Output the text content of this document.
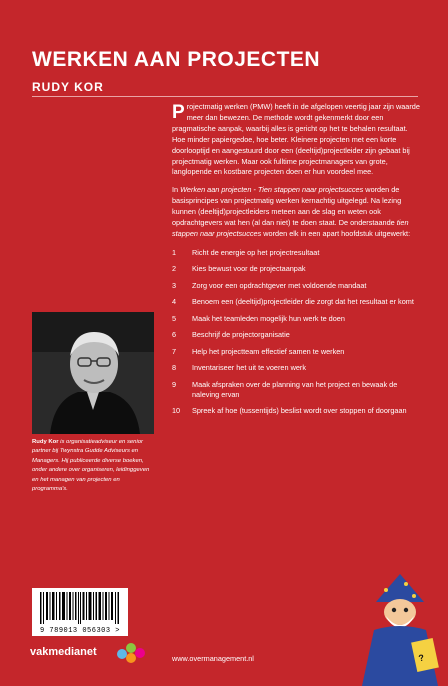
WERKEN AAN PROJECTEN
RUDY KOR

Projectmatig werken (PMW) heeft in de afgelopen veertig jaar zijn waarde meer dan bewezen. De methode wordt gekenmerkt door een pragmatische aanpak, waarbij alles is gericht op het te behalen resultaat. Hoe minder papiergedoe, hoe beter. Kleinere projecten met een korte doorlooptijd en aangestuurd door een (deeltijd)projectleider zijn gebaat bij projectmatig werken. Maar ook fulltime projectmanagers van grote, langlopende en kostbare projecten doen er hun voordeel mee.

In Werken aan projecten - Tien stappen naar projectsucces worden de basisprincipes van projectmatig werken kernachtig uitgelegd. Na lezing kunnen (deeltijd)projectleiders meteen aan de slag en weten ook opdrachtgevers wat hen (al dan niet) te doen staat. De onderstaande tien stappen naar projectsucces worden elk in een apart hoofdstuk uitgewerkt:

1	Richt de energie op het projectresultaat
2	Kies bewust voor de projectaanpak
3	Zorg voor een opdrachtgever met voldoende mandaat
4	Benoem een (deeltijd)projectleider die zorgt dat het resultaat er komt
5	Maak het teamleden mogelijk hun werk te doen
6	Beschrijf de projectorganisatie
7	Help het projectteam effectief samen te werken
8	Inventariseer het uit te voeren werk
9	Maak afspraken over de planning van het project en bewaak de naleving ervan
10	Spreek af hoe (tussentijds) beslist wordt over stoppen of doorgaan
Rudy Kor is organisatieadviseur en senior partner bij Twynstra Gudde Adviseurs en Managers. Hij publiceerde diverse boeken, onder andere over organiseren, leidinggeven en het managen van projecten en programma's.
9 789013 056303 >
vakmedianet
www.overmanagement.nl	?
